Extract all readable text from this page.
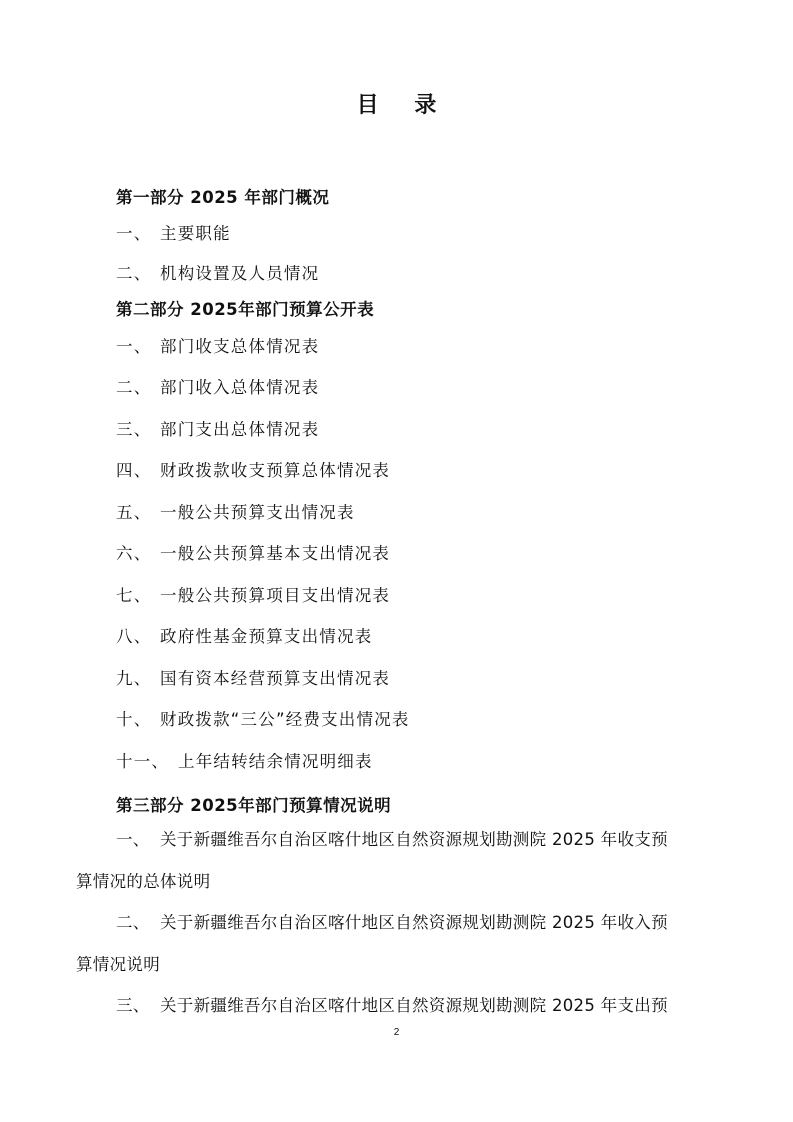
目 录
第一部分 2025 年部门概况
一、 主要职能
二、 机构设置及人员情况
第二部分 2025年部门预算公开表
一、 部门收支总体情况表
二、 部门收入总体情况表
三、 部门支出总体情况表
四、 财政拨款收支预算总体情况表
五、 一般公共预算支出情况表
六、 一般公共预算基本支出情况表
七、 一般公共预算项目支出情况表
八、 政府性基金预算支出情况表
九、 国有资本经营预算支出情况表
十、 财政拨款“三公”经费支出情况表
十一、 上年结转结余情况明细表
第三部分 2025年部门预算情况说明
一、 关于新疆维吾尔自治区喀什地区自然资源规划勘测院 2025 年收支预
算情况的总体说明
二、 关于新疆维吾尔自治区喀什地区自然资源规划勘测院 2025 年收入预
算情况说明
三、 关于新疆维吾尔自治区喀什地区自然资源规划勘测院 2025 年支出预
2
